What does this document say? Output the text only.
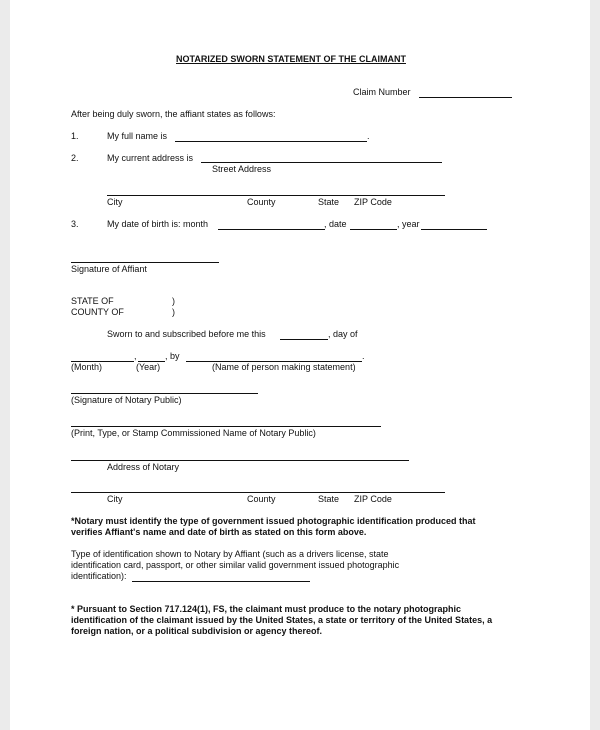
NOTARIZED SWORN STATEMENT OF THE CLAIMANT
Claim Number
After being duly sworn, the affiant states as follows:
1.	My full name is	.
2.	My current address is
Street Address
City	County	State ZIP Code
3.	My date of birth is: month	, date	, year
Signature of Affiant
STATE OF	)
COUNTY OF	)
Sworn to and subscribed before me this	, day of
,	, by	.
(Month)	(Year)	(Name of person making statement)
(Signature of Notary Public)
(Print, Type, or Stamp Commissioned Name of Notary Public)
Address of Notary
City	County	State ZIP Code
*Notary must identify the type of government issued photographic identification produced that
verifies Affiant's name and date of birth as stated on this form above.
Type of identification shown to Notary by Affiant (such as a drivers license, state
identification card, passport, or other similar valid government issued photographic
identification):
* Pursuant to Section 717.124(1), FS, the claimant must produce to the notary photographic
identification of the claimant issued by the United States, a state or territory of the United States, a
foreign nation, or a political subdivision or agency thereof.
